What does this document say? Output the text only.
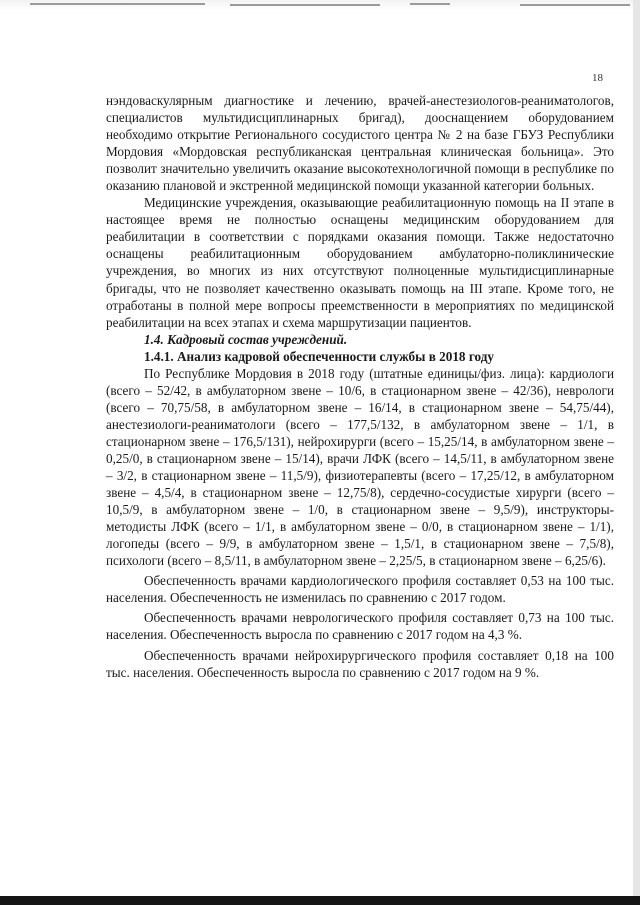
18

нэндоваскулярным диагностике и лечению, врачей-анестезиологов-реаниматологов, специалистов мультидисциплинарных бригад), дооснащением оборудованием необходимо открытие Регионального сосудистого центра № 2 на базе ГБУЗ Республики Мордовия «Мордовская республиканская центральная клиническая больница». Это позволит значительно увеличить оказание высокотехнологичной помощи в республике по оказанию плановой и экстренной медицинской помощи указанной категории больных.

Медицинские учреждения, оказывающие реабилитационную помощь на II этапе в настоящее время не полностью оснащены медицинским оборудованием для реабилитации в соответствии с порядками оказания помощи. Также недостаточно оснащены реабилитационным оборудованием амбулаторно-поликлинические учреждения, во многих из них отсутствуют полноценные мультидисциплинарные бригады, что не позволяет качественно оказывать помощь на III этапе. Кроме того, не отработаны в полной мере вопросы преемственности в мероприятиях по медицинской реабилитации на всех этапах и схема маршрутизации пациентов.

1.4. Кадровый состав учреждений.

1.4.1. Анализ кадровой обеспеченности службы в 2018 году

По Республике Мордовия в 2018 году (штатные единицы/физ. лица): кардиологи (всего – 52/42, в амбулаторном звене – 10/6, в стационарном звене – 42/36), неврологи (всего – 70,75/58, в амбулаторном звене – 16/14, в стационарном звене – 54,75/44), анестезиологи-реаниматологи (всего – 177,5/132, в амбулаторном звене – 1/1, в стационарном звене – 176,5/131), нейрохирурги (всего – 15,25/14, в амбулаторном звене – 0,25/0, в стационарном звене – 15/14), врачи ЛФК (всего – 14,5/11, в амбулаторном звене – 3/2, в стационарном звене – 11,5/9), физиотерапевты (всего – 17,25/12, в амбулаторном звене – 4,5/4, в стационарном звене – 12,75/8), сердечно-сосудистые хирурги (всего – 10,5/9, в амбулаторном звене – 1/0, в стационарном звене – 9,5/9), инструкторы-методисты ЛФК (всего – 1/1, в амбулаторном звене – 0/0, в стационарном звене – 1/1), логопеды (всего – 9/9, в амбулаторном звене – 1,5/1, в стационарном звене – 7,5/8), психологи (всего – 8,5/11, в амбулаторном звене – 2,25/5, в стационарном звене – 6,25/6).

Обеспеченность врачами кардиологического профиля составляет 0,53 на 100 тыс. населения. Обеспеченность не изменилась по сравнению с 2017 годом.

Обеспеченность врачами неврологического профиля составляет 0,73 на 100 тыс. населения. Обеспеченность выросла по сравнению с 2017 годом на 4,3 %.

Обеспеченность врачами нейрохирургического профиля составляет 0,18 на 100 тыс. населения. Обеспеченность выросла по сравнению с 2017 годом на 9 %.
